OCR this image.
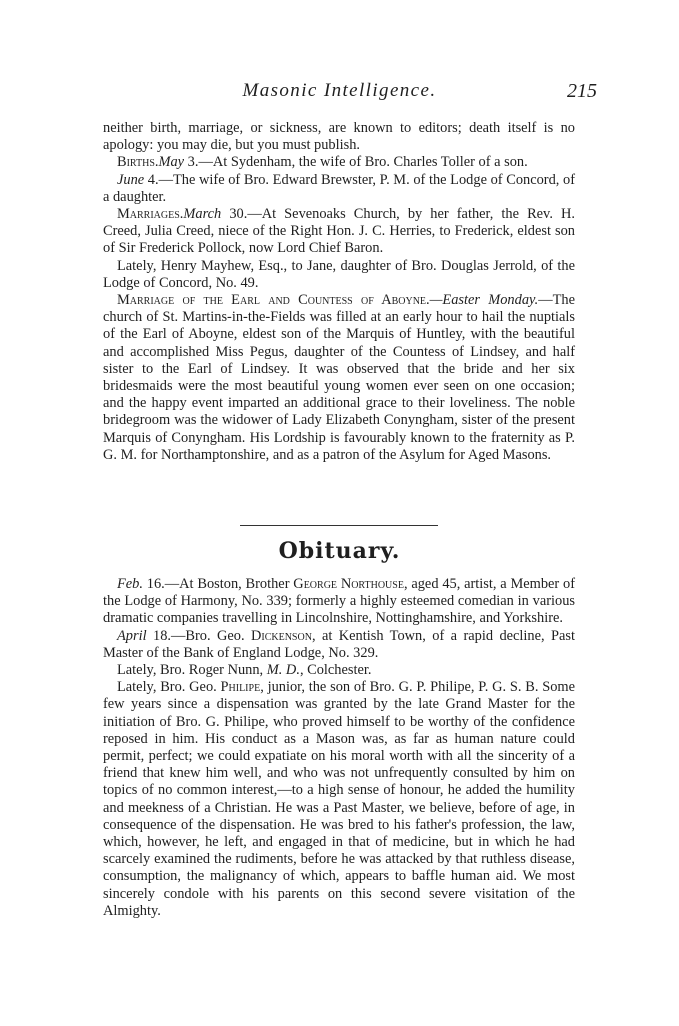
Masonic Intelligence.	215

neither birth, marriage, or sickness, are known to editors; death itself is no apology: you may die, but you must publish.

Births.May 3.—At Sydenham, the wife of Bro. Charles Toller of a son.

June 4.—The wife of Bro. Edward Brewster, P. M. of the Lodge of Concord, of a daughter.

Marriages.March 30.—At Sevenoaks Church, by her father, the Rev. H. Creed, Julia Creed, niece of the Right Hon. J. C. Herries, to Frederick, eldest son of Sir Frederick Pollock, now Lord Chief Baron.

Lately, Henry Mayhew, Esq., to Jane, daughter of Bro. Douglas Jerrold, of the Lodge of Concord, No. 49.

Marriage of the Earl and Countess of Aboyne.—Easter Monday.—The church of St. Martins-in-the-Fields was filled at an early hour to hail the nuptials of the Earl of Aboyne, eldest son of the Marquis of Huntley, with the beautiful and accomplished Miss Pegus, daughter of the Countess of Lindsey, and half sister to the Earl of Lindsey. It was observed that the bride and her six bridesmaids were the most beautiful young women ever seen on one occasion; and the happy event imparted an additional grace to their loveliness. The noble bridegroom was the widower of Lady Elizabeth Conyngham, sister of the present Marquis of Conyngham. His Lordship is favourably known to the fraternity as P. G. M. for Northamptonshire, and as a patron of the Asylum for Aged Masons.

Obituary.

Feb. 16.—At Boston, Brother George Northouse, aged 45, artist, a Member of the Lodge of Harmony, No. 339; formerly a highly esteemed comedian in various dramatic companies travelling in Lincolnshire, Nottinghamshire, and Yorkshire.

April 18.—Bro. Geo. Dickenson, at Kentish Town, of a rapid decline, Past Master of the Bank of England Lodge, No. 329.

Lately, Bro. Roger Nunn, M. D., Colchester.

Lately, Bro. Geo. Philipe, junior, the son of Bro. G. P. Philipe, P. G. S. B. Some few years since a dispensation was granted by the late Grand Master for the initiation of Bro. G. Philipe, who proved himself to be worthy of the confidence reposed in him. His conduct as a Mason was, as far as human nature could permit, perfect; we could expatiate on his moral worth with all the sincerity of a friend that knew him well, and who was not unfrequently consulted by him on topics of no common interest,—to a high sense of honour, he added the humility and meekness of a Christian. He was a Past Master, we believe, before of age, in consequence of the dispensation. He was bred to his father's profession, the law, which, however, he left, and engaged in that of medicine, but in which he had scarcely examined the rudiments, before he was attacked by that ruthless disease, consumption, the malignancy of which, appears to baffle human aid. We most sincerely condole with his parents on this second severe visitation of the Almighty.
